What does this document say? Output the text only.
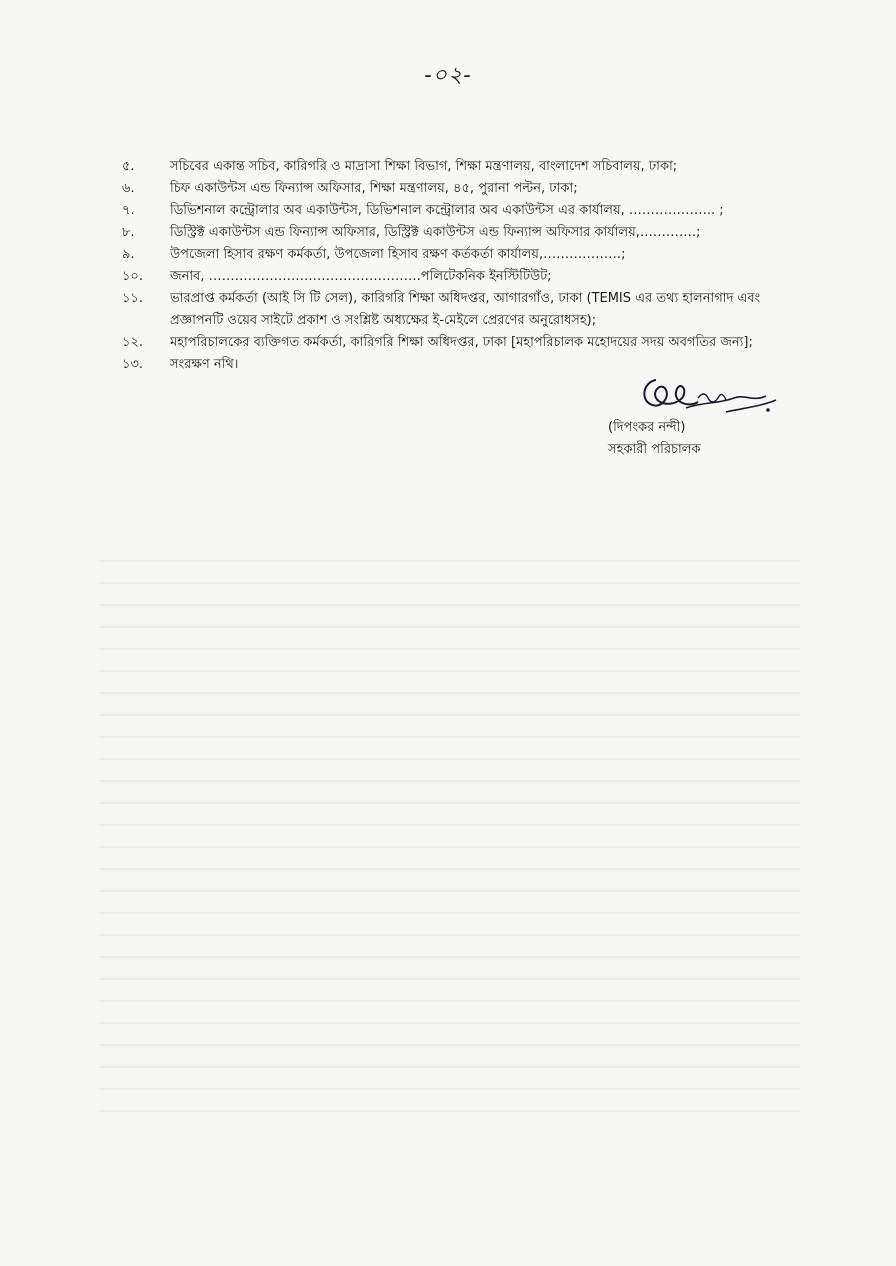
-০২-
৫.	সচিবের একান্ত সচিব, কারিগরি ও মাদ্রাসা শিক্ষা বিভাগ, শিক্ষা মন্ত্রণালয়, বাংলাদেশ সচিবালয়, ঢাকা;
৬.	চিফ একাউন্টস এন্ড ফিন্যান্স অফিসার, শিক্ষা মন্ত্রণালয়, ৪৫, পুরানা পল্টন, ঢাকা;
৭.	ডিভিশনাল কন্ট্রোলার অব একাউন্টস, ডিভিশনাল কন্ট্রোলার অব একাউন্টস এর কার্যালয়, ……………….. ;
৮.	ডিস্ট্রিক্ট একাউন্টস এন্ড ফিন্যান্স অফিসার, ডিস্ট্রিক্ট একাউন্টস এন্ড ফিন্যান্স অফিসার কার্যালয়,………….;
৯.	উপজেলা হিসাব রক্ষণ কর্মকর্তা, উপজেলা হিসাব রক্ষণ কর্তকর্তা কার্যালয়,………………;
১০.	জনাব, ………………………………………….পলিটেকনিক ইনস্টিটিউট;
১১.	ভারপ্রাপ্ত কর্মকর্তা (আই সি টি সেল), কারিগরি শিক্ষা অধিদপ্তর, আগারগাঁও, ঢাকা (TEMIS এর তথ্য হালনাগাদ এবং প্রজ্ঞাপনটি ওয়েব সাইটে প্রকাশ ও সংশ্লিষ্ট অধ্যক্ষের ই-মেইলে প্রেরণের অনুরোধসহ);
১২.	মহাপরিচালকের ব্যক্তিগত কর্মকর্তা, কারিগরি শিক্ষা অধিদপ্তর, ঢাকা [মহাপরিচালক মহোদয়ের সদয় অবগতির জন্য];
১৩.	সংরক্ষণ নথি।
(দিপংকর নন্দী)
সহকারী পরিচালক
